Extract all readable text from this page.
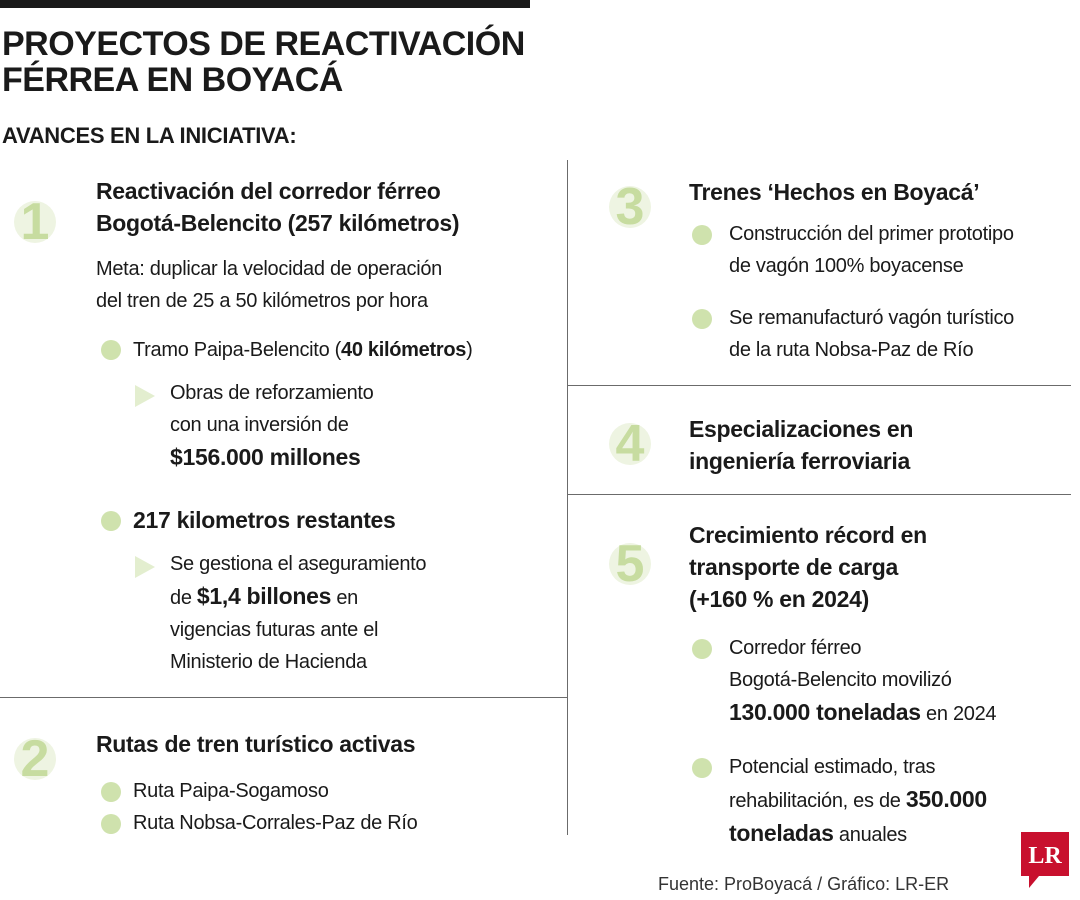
PROYECTOS DE REACTIVACIÓN
FÉRREA EN BOYACÁ
AVANCES EN LA INICIATIVA:
1

Reactivación del corredor férreo
Bogotá-Belencito (257 kilómetros)

Meta: duplicar la velocidad de operación
del tren de 25 a 50 kilómetros por hora

Tramo Paipa-Belencito (40 kilómetros)

Obras de reforzamiento
con una inversión de
$156.000 millones

217 kilometros restantes

Se gestiona el aseguramiento
de $1,4 billones en
vigencias futuras ante el
Ministerio de Hacienda

2 Rutas de tren turístico activas

Ruta Paipa-Sogamoso

Ruta Nobsa-Corrales-Paz de Río

3 Trenes ‘Hechos en Boyacá’

Construcción del primer prototipo
de vagón 100% boyacense

Se remanufacturó vagón turístico
de la ruta Nobsa-Paz de Río

4 Especializaciones en
ingeniería ferroviaria

5 Crecimiento récord en
transporte de carga
(+160 % en 2024)

Corredor férreo
Bogotá-Belencito movilizó
130.000 toneladas en 2024

Potencial estimado, tras
rehabilitación, es de 350.000
toneladas anuales

Fuente: ProBoyacá / Gráfico: LR-ER

LR
